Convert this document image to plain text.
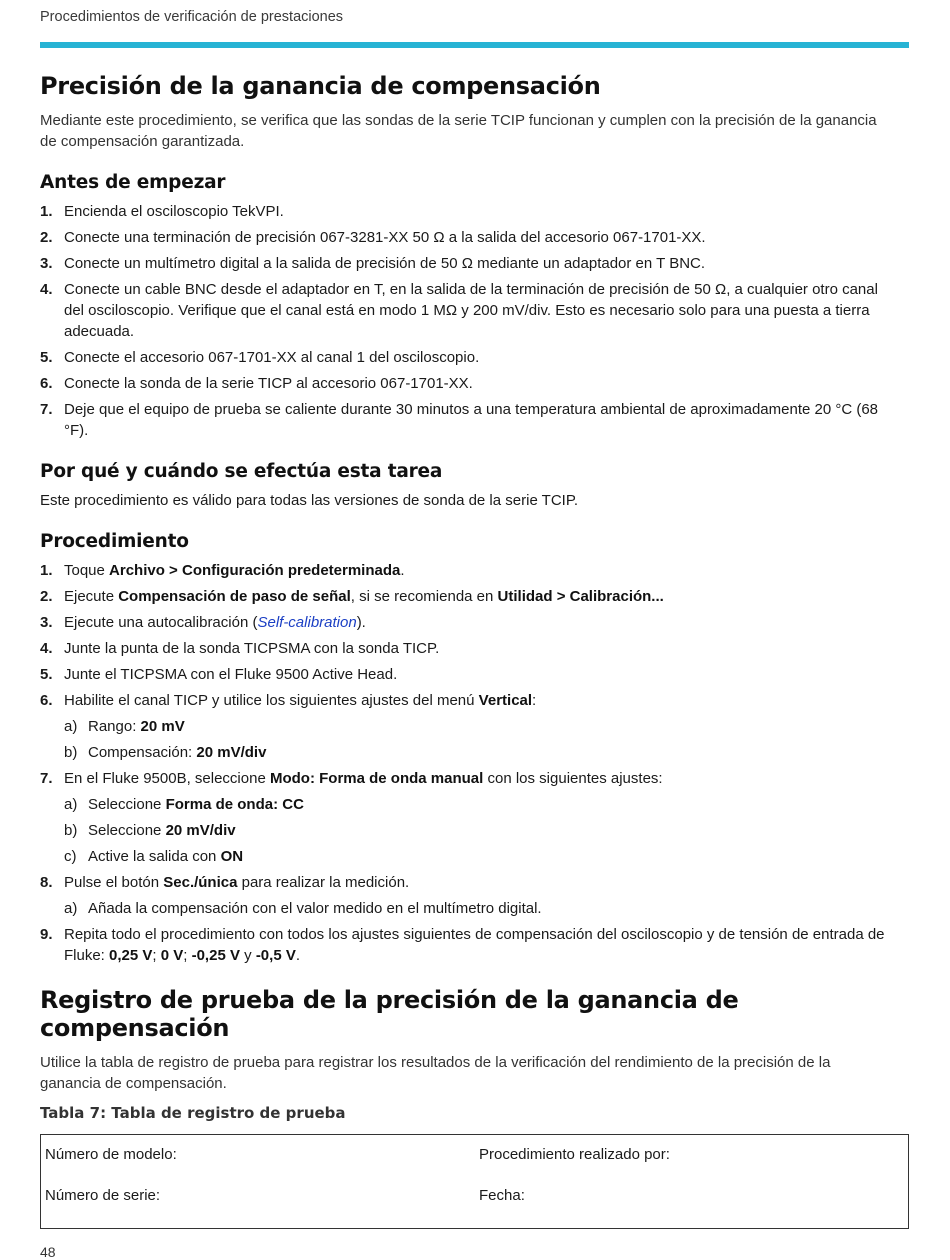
Procedimientos de verificación de prestaciones
Precisión de la ganancia de compensación

Mediante este procedimiento, se verifica que las sondas de la serie TCIP funcionan y cumplen con la precisión de la ganancia de compensación garantizada.

Antes de empezar
1. Encienda el osciloscopio TekVPI.
2. Conecte una terminación de precisión 067-3281-XX 50 Ω a la salida del accesorio 067-1701-XX.
3. Conecte un multímetro digital a la salida de precisión de 50 Ω mediante un adaptador en T BNC.
4. Conecte un cable BNC desde el adaptador en T, en la salida de la terminación de precisión de 50 Ω, a cualquier otro canal del osciloscopio. Verifique que el canal está en modo 1 MΩ y 200 mV/div. Esto es necesario solo para una puesta a tierra adecuada.
5. Conecte el accesorio 067-1701-XX al canal 1 del osciloscopio.
6. Conecte la sonda de la serie TICP al accesorio 067-1701-XX.
7. Deje que el equipo de prueba se caliente durante 30 minutos a una temperatura ambiental de aproximadamente 20 °C (68 °F).
Por qué y cuándo se efectúa esta tarea

Este procedimiento es válido para todas las versiones de sonda de la serie TCIP.

Procedimiento
1. Toque Archivo > Configuración predeterminada.
2. Ejecute Compensación de paso de señal, si se recomienda en Utilidad > Calibración...
3. Ejecute una autocalibración (Self-calibration).
4. Junte la punta de la sonda TICPSMA con la sonda TICP.
5. Junte el TICPSMA con el Fluke 9500 Active Head.
6. Habilite el canal TICP y utilice los siguientes ajustes del menú Vertical:
a) Rango: 20 mV
b) Compensación: 20 mV/div
7. En el Fluke 9500B, seleccione Modo: Forma de onda manual con los siguientes ajustes:
a) Seleccione Forma de onda: CC
b) Seleccione 20 mV/div
c) Active la salida con ON
8. Pulse el botón Sec./única para realizar la medición.
a) Añada la compensación con el valor medido en el multímetro digital.
9. Repita todo el procedimiento con todos los ajustes siguientes de compensación del osciloscopio y de tensión de entrada de Fluke: 0,25 V; 0 V; -0,25 V y -0,5 V.
Registro de prueba de la precisión de la ganancia de compensación

Utilice la tabla de registro de prueba para registrar los resultados de la verificación del rendimiento de la precisión de la ganancia de compensación.

Tabla 7: Tabla de registro de prueba
Número de modelo:	Procedimiento realizado por:
Número de serie:	Fecha:
48
